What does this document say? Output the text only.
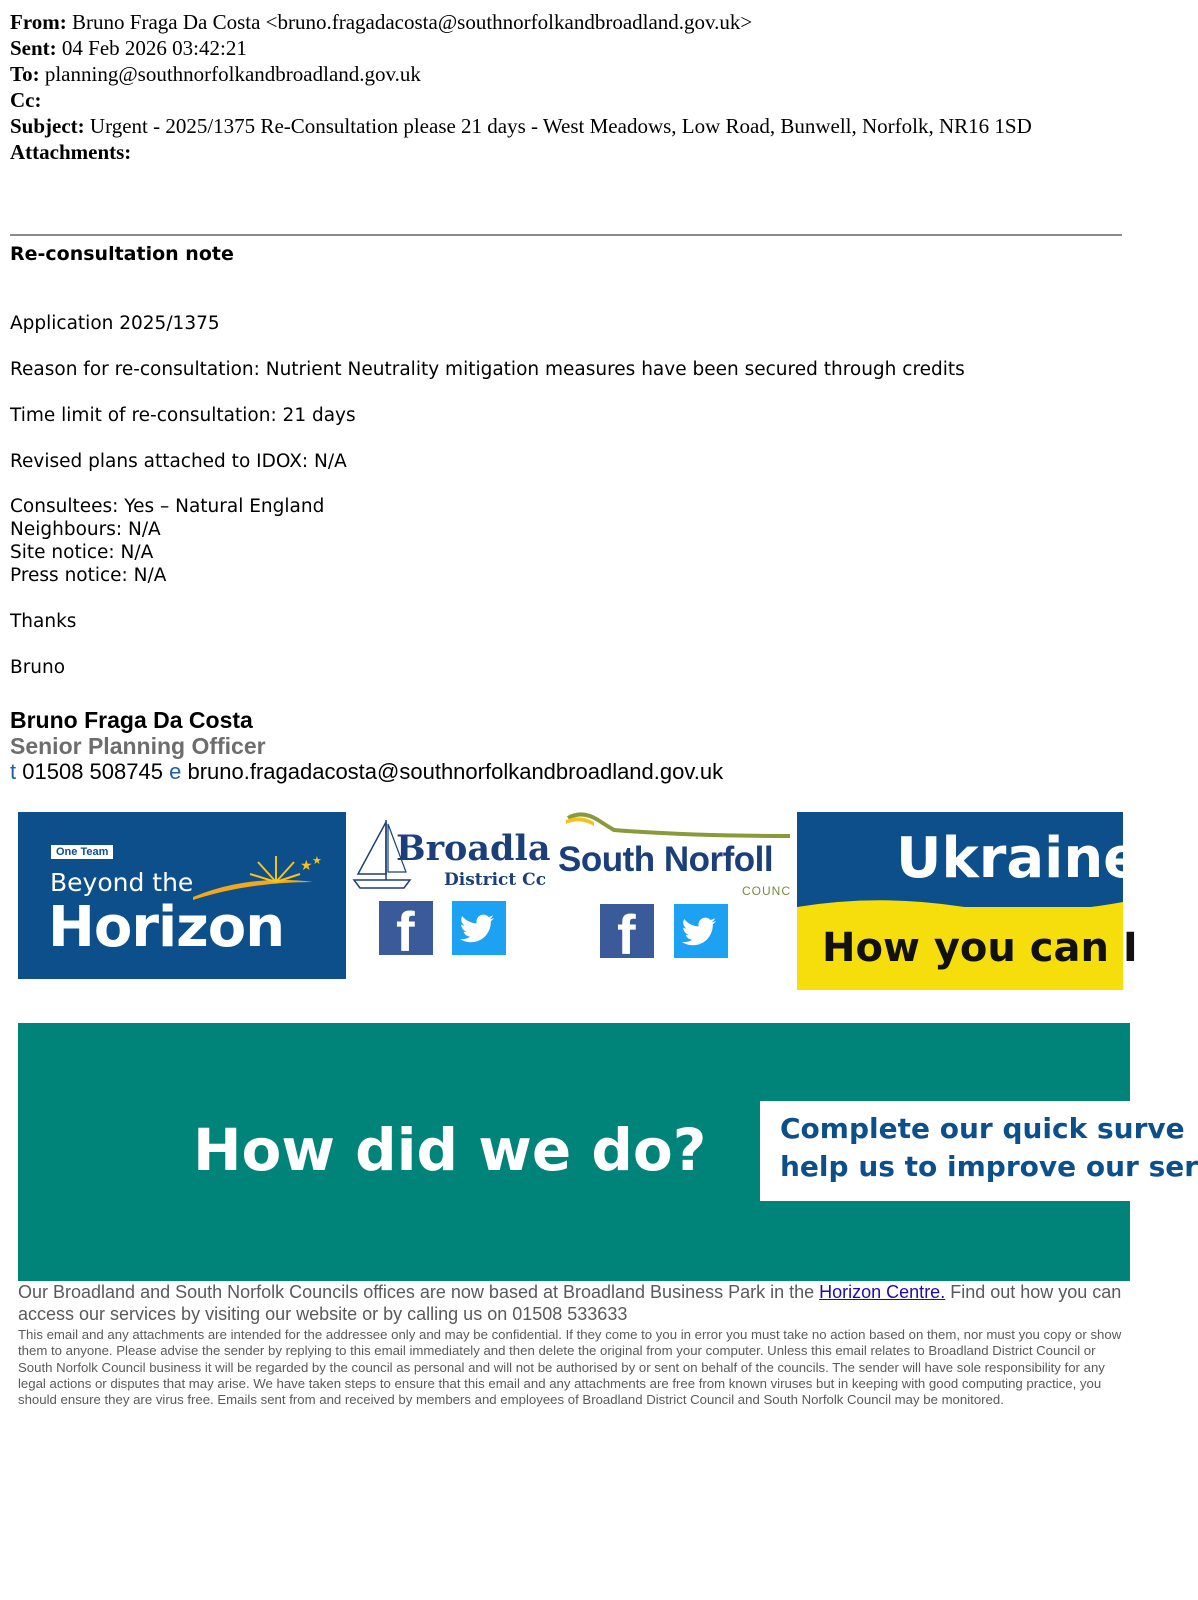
From: Bruno Fraga Da Costa <bruno.fragadacosta@southnorfolkandbroadland.gov.uk>

Sent: 04 Feb 2026 03:42:21

To: planning@southnorfolkandbroadland.gov.uk

Cc:

Subject: Urgent - 2025/1375 Re-Consultation please 21 days - West Meadows, Low Road, Bunwell, Norfolk, NR16 1SD

Attachments:

Re-consultation note
Application 2025/1375
Reason for re-consultation: Nutrient Neutrality mitigation measures have been secured through credits
Time limit of re-consultation: 21 days
Revised plans attached to IDOX: N/A
Consultees: Yes – Natural England
Neighbours: N/A
Site notice: N/A
Press notice: N/A
Thanks
Bruno
Bruno Fraga Da Costa
Senior Planning Officer
t 01508 508745 e bruno.fragadacosta@southnorfolkandbroadland.gov.uk
One Team
Beyond the
Horizon
★ ★ Broadla
District Cc
f
South Norfoll
COUNC
f
Ukraine
How you can I
How did we do?	Complete our quick surve
help us to improve our ser
Our Broadland and South Norfolk Councils offices are now based at Broadland Business Park in the Horizon Centre. Find out how you can access our services by visiting our website or by calling us on 01508 533633
This email and any attachments are intended for the addressee only and may be confidential. If they come to you in error you must take no action based on them, nor must you copy or show them to anyone. Please advise the sender by replying to this email immediately and then delete the original from your computer. Unless this email relates to Broadland District Council or South Norfolk Council business it will be regarded by the council as personal and will not be authorised by or sent on behalf of the councils. The sender will have sole responsibility for any legal actions or disputes that may arise. We have taken steps to ensure that this email and any attachments are free from known viruses but in keeping with good computing practice, you should ensure they are virus free. Emails sent from and received by members and employees of Broadland District Council and South Norfolk Council may be monitored.
